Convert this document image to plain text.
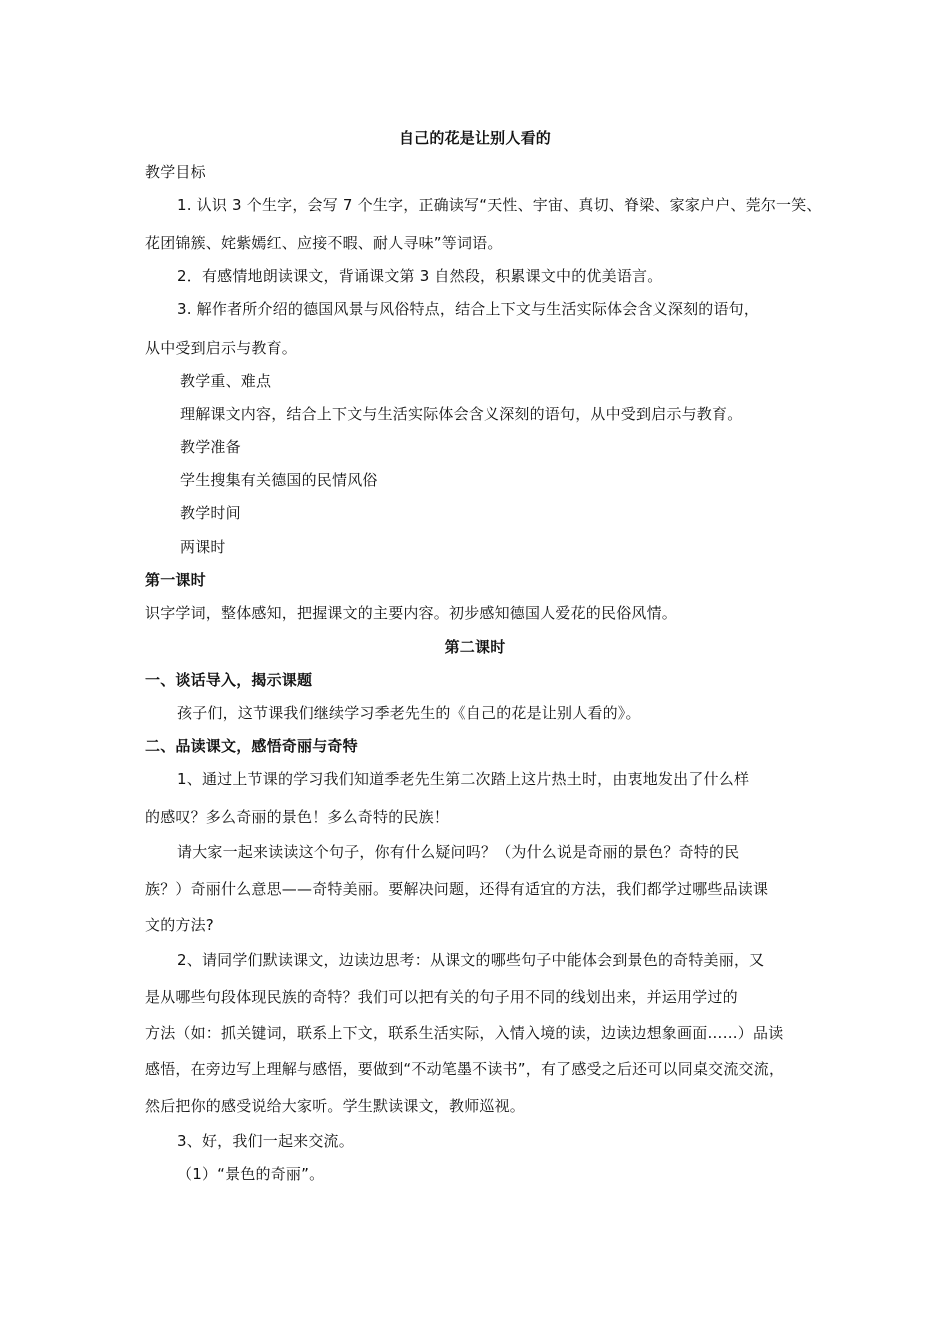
自己的花是让别人看的
教学目标
1. 认识 3 个生字，会写 7 个生字，正确读写“天性、宇宙、真切、脊梁、家家户户、莞尔一笑、
花团锦簇、姹紫嫣红、应接不暇、耐人寻味”等词语。
2．有感情地朗读课文，背诵课文第 3 自然段，积累课文中的优美语言。
3. 解作者所介绍的德国风景与风俗特点，结合上下文与生活实际体会含义深刻的语句，
从中受到启示与教育。
教学重、难点
理解课文内容，结合上下文与生活实际体会含义深刻的语句，从中受到启示与教育。
教学准备
学生搜集有关德国的民情风俗
教学时间
两课时
第一课时
识字学词，整体感知，把握课文的主要内容。初步感知德国人爱花的民俗风情。
第二课时
一、谈话导入，揭示课题
孩子们，这节课我们继续学习季老先生的《自己的花是让别人看的》。
二、品读课文，感悟奇丽与奇特
1、通过上节课的学习我们知道季老先生第二次踏上这片热土时，由衷地发出了什么样
的感叹？多么奇丽的景色！多么奇特的民族！
请大家一起来读读这个句子，你有什么疑问吗？（为什么说是奇丽的景色？奇特的民
族？）奇丽什么意思——奇特美丽。要解决问题，还得有适宜的方法，我们都学过哪些品读课
文的方法?
2、请同学们默读课文，边读边思考：从课文的哪些句子中能体会到景色的奇特美丽，又
是从哪些句段体现民族的奇特？我们可以把有关的句子用不同的线划出来，并运用学过的
方法（如：抓关键词，联系上下文，联系生活实际，入情入境的读，边读边想象画面……）品读
感悟，在旁边写上理解与感悟，要做到“不动笔墨不读书”，有了感受之后还可以同桌交流交流，
然后把你的感受说给大家听。学生默读课文，教师巡视。
3、好，我们一起来交流。
（1）“景色的奇丽”。
